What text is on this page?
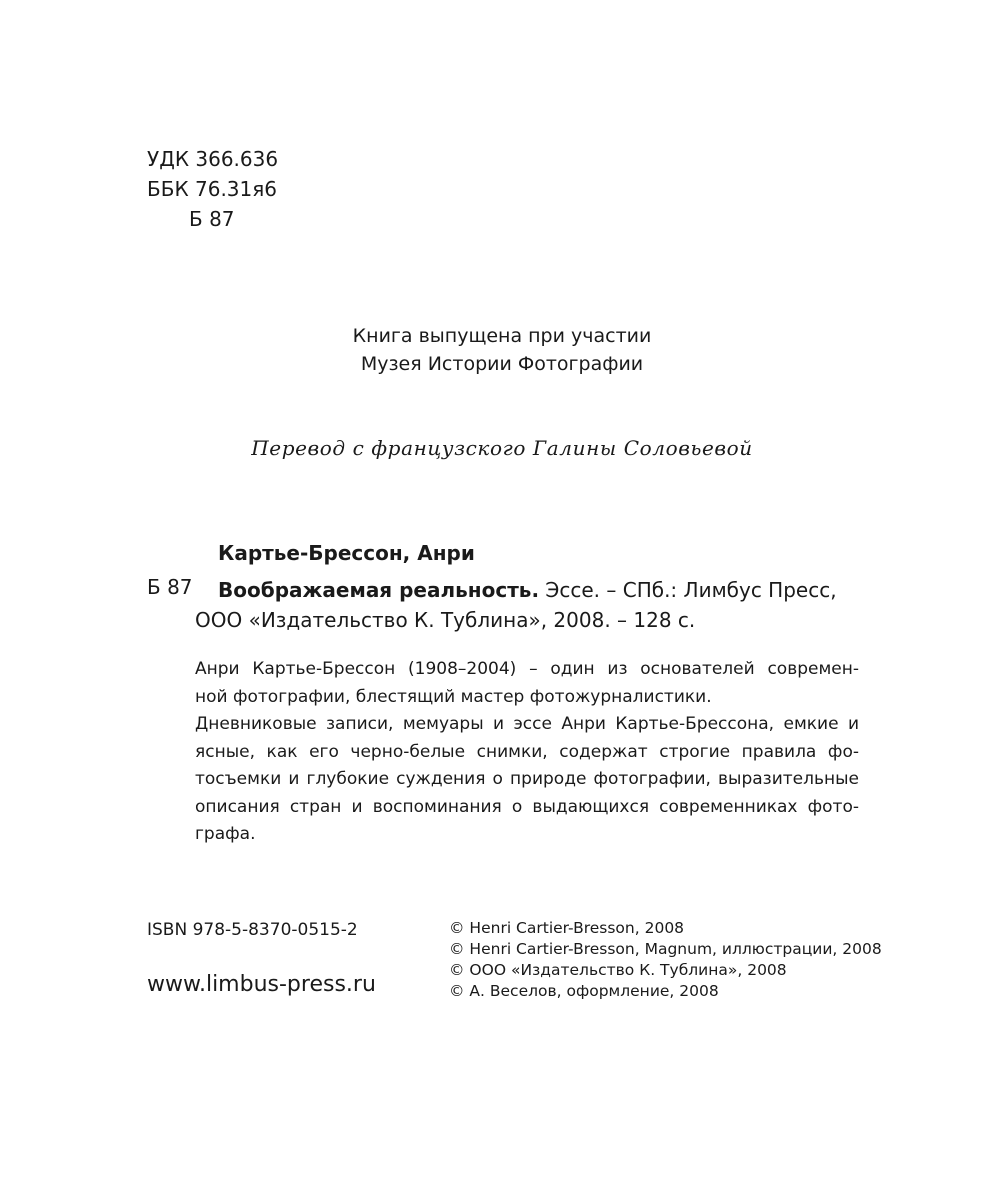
УДК 366.636
ББК 76.31я6
Б 87
Книга выпущена при участии
Музея Истории Фотографии
Перевод с французского Галины Соловьевой
Картье-Брессон, Анри
Б 87	Воображаемая реальность. Эссе. – СПб.: Лимбус Пресс,
ООО «Издательство К. Тублина», 2008. – 128 с.
Анри Картье-Брессон (1908–2004) – один из основателей современ-
ной фотографии, блестящий мастер фотожурналистики.
Дневниковые записи, мемуары и эссе Анри Картье-Брессона, емкие и
ясные, как его черно-белые снимки, содержат строгие правила фо-
тосъемки и глубокие суждения о природе фотографии, выразительные
описания стран и воспоминания о выдающихся современниках фото-
графа.
ISBN 978-5-8370-0515-2
www.limbus-press.ru
© Henri Cartier-Bresson, 2008
© Henri Cartier-Bresson, Magnum, иллюстрации, 2008
© ООО «Издательство К. Тублина», 2008
© А. Веселов, оформление, 2008
